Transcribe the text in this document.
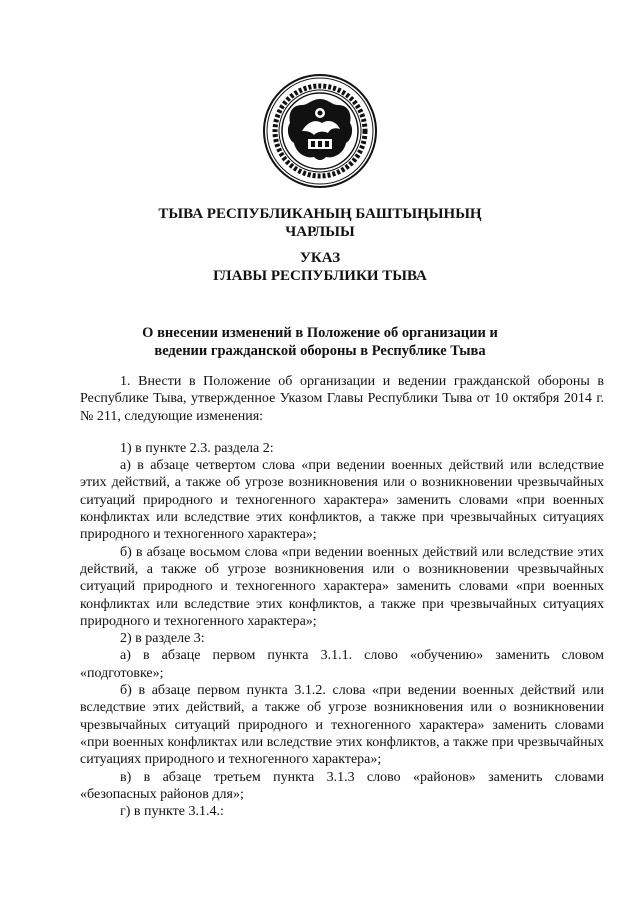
ТЫВА РЕСПУБЛИКАНЫҢ БАШТЫҢЫНЫҢ
ЧАРЛЫЫ
УКАЗ
ГЛАВЫ РЕСПУБЛИКИ ТЫВА
О внесении изменений в Положение об организации и
ведении гражданской обороны в Республике Тыва

1. Внести в Положение об организации и ведении гражданской обороны в Республике Тыва, утвержденное Указом Главы Республики Тыва от 10 октября 2014 г. № 211, следующие изменения:

1) в пункте 2.3. раздела 2:

а) в абзаце четвертом слова «при ведении военных действий или вследствие этих действий, а также об угрозе возникновения или о возникновении чрезвычайных ситуаций природного и техногенного характера» заменить словами «при военных конфликтах или вследствие этих конфликтов, а также при чрезвычайных ситуациях природного и техногенного характера»;

б) в абзаце восьмом слова «при ведении военных действий или вследствие этих действий, а также об угрозе возникновения или о возникновении чрезвычайных ситуаций природного и техногенного характера» заменить словами «при военных конфликтах или вследствие этих конфликтов, а также при чрезвычайных ситуациях природного и техногенного характера»;

2) в разделе 3:

а) в абзаце первом пункта 3.1.1. слово «обучению» заменить словом «подготовке»;

б) в абзаце первом пункта 3.1.2. слова «при ведении военных действий или вследствие этих действий, а также об угрозе возникновения или о возникновении чрезвычайных ситуаций природного и техногенного характера» заменить словами «при военных конфликтах или вследствие этих конфликтов, а также при чрезвычайных ситуациях природного и техногенного характера»;

в) в абзаце третьем пункта 3.1.3 слово «районов» заменить словами «безопасных районов для»;

г) в пункте 3.1.4.:
